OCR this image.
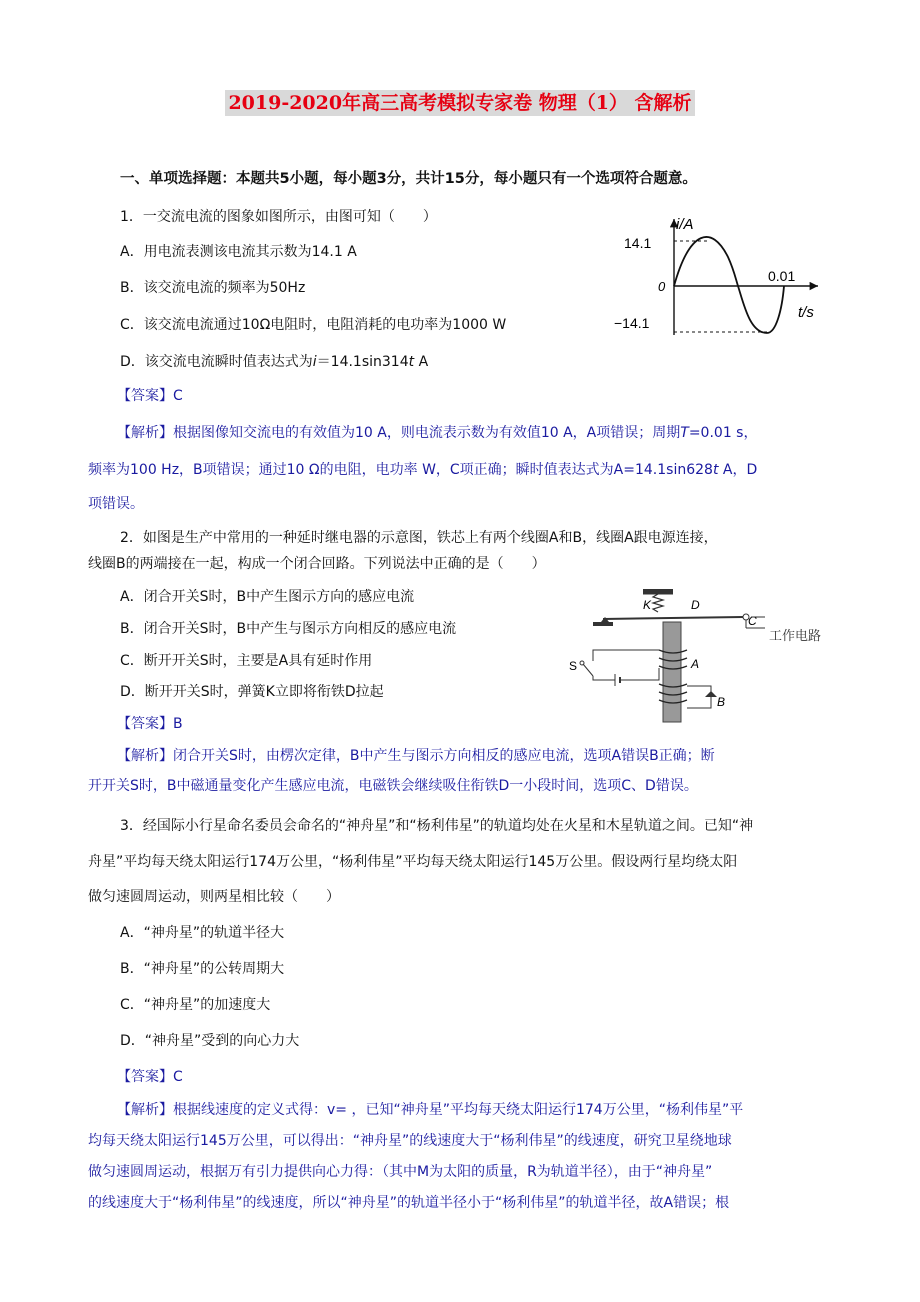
2019-2020年高三高考模拟专家卷 物理（1） 含解析
一、单项选择题：本题共5小题，每小题3分，共计15分，每小题只有一个选项符合题意。
1．一交流电流的图象如图所示，由图可知（　　）
A．用电流表测该电流其示数为14.1 A
B．该交流电流的频率为50Hz
C．该交流电流通过10Ω电阻时，电阻消耗的电功率为1000 W
D．该交流电流瞬时值表达式为i＝14.1sin314t A
i/A
14.1
0
0.01
t/s
−14.1
【答案】C
【解析】根据图像知交流电的有效值为10 A，则电流表示数为有效值10 A，A项错误；周期T=0.01 s，
频率为100 Hz，B项错误；通过10 Ω的电阻，电功率 W，C项正确；瞬时值表达式为A=14.1sin628t A，D
项错误。
2．如图是生产中常用的一种延时继电器的示意图，铁芯上有两个线圈A和B，线圈A跟电源连接，
线圈B的两端接在一起，构成一个闭合回路。下列说法中正确的是（　　）
A．闭合开关S时，B中产生图示方向的感应电流
B．闭合开关S时，B中产生与图示方向相反的感应电流
C．断开开关S时，主要是A具有延时作用
D．断开开关S时，弹簧K立即将衔铁D拉起
K	D
C
工作电路
A
B
S
【答案】B
【解析】闭合开关S时，由楞次定律，B中产生与图示方向相反的感应电流，选项A错误B正确；断
开开关S时，B中磁通量变化产生感应电流，电磁铁会继续吸住衔铁D一小段时间，选项C、D错误。
3．经国际小行星命名委员会命名的“神舟星”和“杨利伟星”的轨道均处在火星和木星轨道之间。已知“神
舟星”平均每天绕太阳运行174万公里，“杨利伟星”平均每天绕太阳运行145万公里。假设两行星均绕太阳
做匀速圆周运动，则两星相比较（　　）
A．“神舟星”的轨道半径大
B．“神舟星”的公转周期大
C．“神舟星”的加速度大
D．“神舟星”受到的向心力大
【答案】C
【解析】根据线速度的定义式得：v= ，已知“神舟星”平均每天绕太阳运行174万公里，“杨利伟星”平
均每天绕太阳运行145万公里，可以得出：“神舟星”的线速度大于“杨利伟星”的线速度，研究卫星绕地球
做匀速圆周运动，根据万有引力提供向心力得：（其中M为太阳的质量，R为轨道半径），由于“神舟星”
的线速度大于“杨利伟星”的线速度，所以“神舟星”的轨道半径小于“杨利伟星”的轨道半径，故A错误；根
